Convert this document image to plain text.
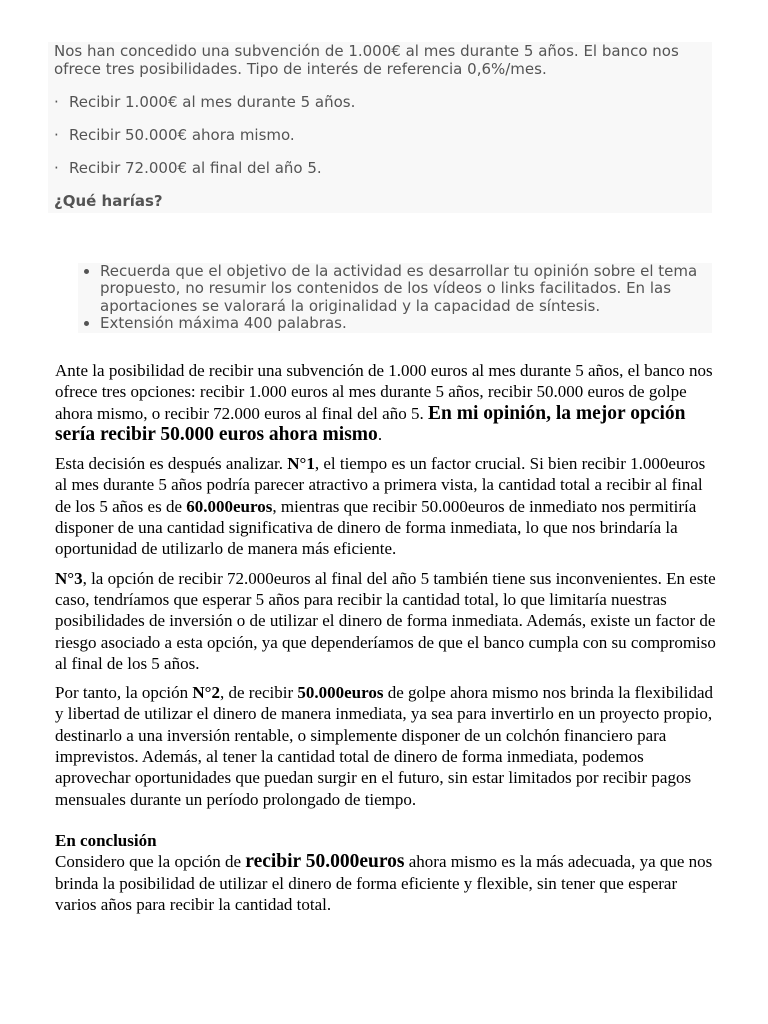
Nos han concedido una subvención de 1.000€ al mes durante 5 años. El banco nos ofrece tres posibilidades. Tipo de interés de referencia 0,6%/mes.

· Recibir 1.000€ al mes durante 5 años.

· Recibir 50.000€ ahora mismo.

· Recibir 72.000€ al final del año 5.

¿Qué harías?

• Recuerda que el objetivo de la actividad es desarrollar tu opinión sobre el tema propuesto, no resumir los contenidos de los vídeos o links facilitados. En las aportaciones se valorará la originalidad y la capacidad de síntesis.
• Extensión máxima 400 palabras.

Ante la posibilidad de recibir una subvención de 1.000 euros al mes durante 5 años, el banco nos ofrece tres opciones: recibir 1.000 euros al mes durante 5 años, recibir 50.000 euros de golpe ahora mismo, o recibir 72.000 euros al final del año 5. En mi opinión, la mejor opción sería recibir 50.000 euros ahora mismo.

Esta decisión es después analizar. N°1, el tiempo es un factor crucial. Si bien recibir 1.000euros al mes durante 5 años podría parecer atractivo a primera vista, la cantidad total a recibir al final de los 5 años es de 60.000euros, mientras que recibir 50.000euros de inmediato nos permitiría disponer de una cantidad significativa de dinero de forma inmediata, lo que nos brindaría la oportunidad de utilizarlo de manera más eficiente.

N°3, la opción de recibir 72.000euros al final del año 5 también tiene sus inconvenientes. En este caso, tendríamos que esperar 5 años para recibir la cantidad total, lo que limitaría nuestras posibilidades de inversión o de utilizar el dinero de forma inmediata. Además, existe un factor de riesgo asociado a esta opción, ya que dependeríamos de que el banco cumpla con su compromiso al final de los 5 años.

Por tanto, la opción N°2, de recibir 50.000euros de golpe ahora mismo nos brinda la flexibilidad y libertad de utilizar el dinero de manera inmediata, ya sea para invertirlo en un proyecto propio, destinarlo a una inversión rentable, o simplemente disponer de un colchón financiero para imprevistos. Además, al tener la cantidad total de dinero de forma inmediata, podemos aprovechar oportunidades que puedan surgir en el futuro, sin estar limitados por recibir pagos mensuales durante un período prolongado de tiempo.

En conclusión

Considero que la opción de recibir 50.000euros ahora mismo es la más adecuada, ya que nos brinda la posibilidad de utilizar el dinero de forma eficiente y flexible, sin tener que esperar varios años para recibir la cantidad total.
